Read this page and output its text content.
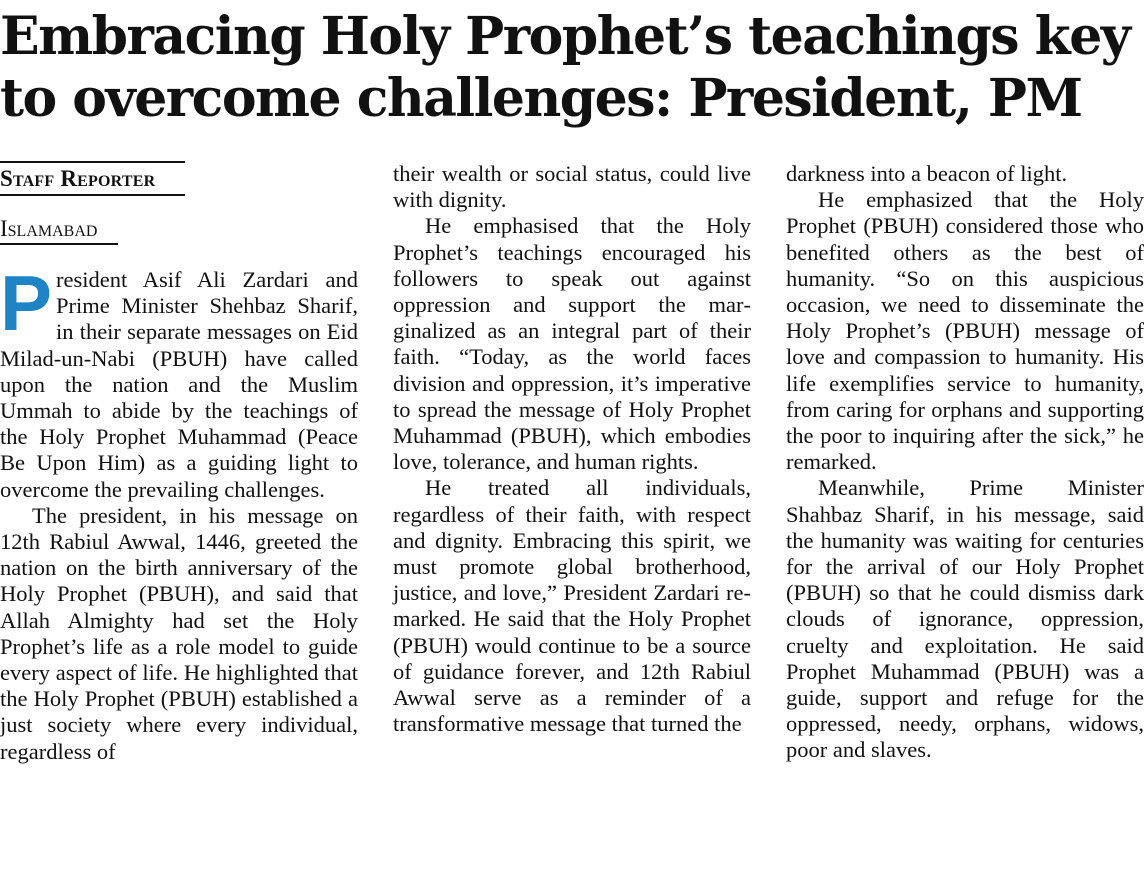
Embracing Holy Prophet’s teachings key to overcome challenges: President, PM
Staff Reporter
Islamabad

President Asif Ali Zardari and Prime Minister Shehbaz Sharif, in their separate messages on Eid Milad-un-Nabi (PBUH) have called upon the nation and the Muslim Ummah to abide by the teachings of the Holy Prophet Muhammad (Peace Be Upon Him) as a guiding light to overcome the prevailing challenges.

The president, in his message on 12th Rabiul Awwal, 1446, greeted the nation on the birth anniversary of the Holy Prophet (PBUH), and said that Allah Almighty had set the Holy Prophet’s life as a role model to guide every aspect of life. He highlighted that the Holy Prophet (PBUH) established a just society where every individual, regardless of

their wealth or social status, could live with dignity.

He emphasised that the Holy Prophet’s teachings encouraged his followers to speak out against oppression and support the marginalized as an integral part of their faith. “Today, as the world faces division and oppression, it’s imperative to spread the message of Holy Prophet Muhammad (PBUH), which embodies love, tolerance, and human rights.

He treated all individuals, regardless of their faith, with respect and dignity. Embracing this spirit, we must promote global brotherhood, justice, and love,” President Zardari remarked. He said that the Holy Prophet (PBUH) would continue to be a source of guidance forever, and 12th Rabiul Awwal serve as a reminder of a transformative message that turned the

darkness into a beacon of light.

He emphasized that the Holy Prophet (PBUH) considered those who benefited others as the best of humanity. “So on this auspicious occasion, we need to disseminate the Holy Prophet’s (PBUH) message of love and compassion to humanity. His life exemplifies service to humanity, from caring for orphans and supporting the poor to inquiring after the sick,” he remarked.

Meanwhile, Prime Minister Shahbaz Sharif, in his message, said the humanity was waiting for centuries for the arrival of our Holy Prophet (PBUH) so that he could dismiss dark clouds of ignorance, oppression, cruelty and exploitation. He said Prophet Muhammad (PBUH) was a guide, support and refuge for the oppressed, needy, orphans, widows, poor and slaves.
